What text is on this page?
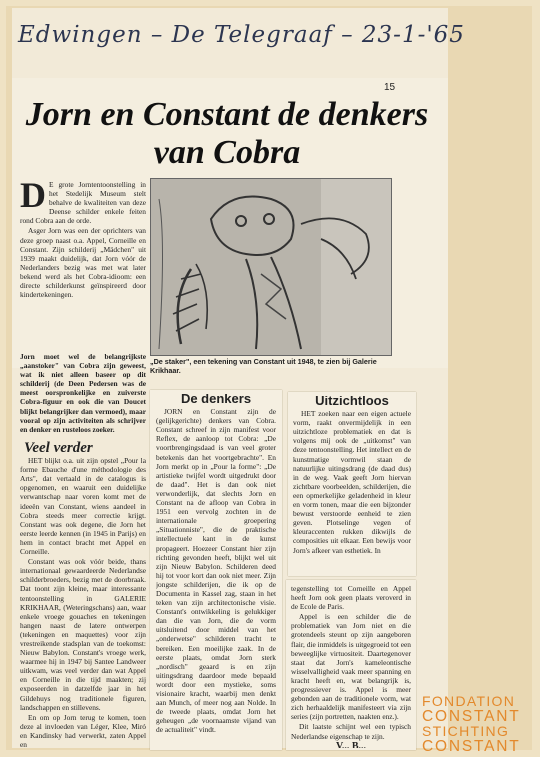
Edwingen – De Telegraaf – 23-1-'65
15
Jorn en Constant de denkers van Cobra
D E grote Jorntentoonstelling in het Stedelijk Museum stelt behalve de kwaliteiten van deze Deense schilder enkele feiten rond Cobra aan de orde.

Asger Jorn was een der oprichters van deze groep naast o.a. Appel, Corneille en Constant. Zijn schilderij „Mädchen" uit 1939 maakt duidelijk, dat Jorn vóór de Nederlanders bezig was met wat later bekend werd als het Cobra-idioom: een directe schilderkunst geïnspireerd door kindertekeningen.

„De staker", een tekening van Constant uit 1948, te zien bij Galerie Krikhaar.

Jorn moet wel de belangrijkste „aanstoker" van Cobra zijn geweest, wat ik niet alleen baseer op dit schilderij (de Deen Pedersen was de meest oorspronkelijke en zuiverste Cobra-figuur en ook die van Doucet blijkt belangrijker dan vermoed), maar vooral op zijn activiteiten als schrijver en denker en rusteloos zoeker.

Veel verder

HET blijkt o.a. uit zijn opstel „Pour la forme Ebauche d'une méthodologie des Arts", dat vertaald in de catalogus is opgenomen, en waaruit een duidelijke verwantschap naar voren komt met de ideeën van Constant, wiens aandeel in Cobra steeds meer correctie krijgt. Constant was ook degene, die Jorn het eerste leerde kennen (in 1945 in Parijs) en hem in contact bracht met Appel en Corneille.

Constant was ook vóór beide, thans internationaal gewaardeerde Nederlandse schilderbroeders, bezig met de doorbraak. Dat toont zijn kleine, maar interessante tentoonstelling in GALERIE KRIKHAAR, (Weteringschans) aan, waar enkele vroege gouaches en tekeningen hangen naast de latere ontwerpen (tekeningen en maquettes) voor zijn vrestreikende stadsplan van de toekomst: Nieuw Babylon. Constant's vroege werk, waarmee hij in 1947 bij Santee Landweer uitkwam, was veel verder dan wat Appel en Corneille in die tijd maakten; zij exposeerden in datzelfde jaar in het Gildehuys nog traditionele figuren, landschappen en stillevens.

En om op Jorn terug te komen, toen deze al invloeden van Léger, Klee, Miró en Kandinsky had verwerkt, zaten Appel en

De denkers

JORN en Constant zijn de (gelijkgerichte) denkers van Cobra. Constant schreef in zijn manifest voor Reflex, de aanloop tot Cobra: „De voortbrengingsdaad is van veel groter betekenis dan het voortgebrachte". En Jorn merkt op in „Pour la forme": „De artistieke twijfel wordt uitgedrukt door de daad". Het is dan ook niet verwonderlijk, dat slechts Jorn en Constant na de afloop van Cobra in 1951 een vervolg zochten in de internationale groepering „Situationniste", die de praktische intellectuele kant in de kunst propageert. Hoezeer Constant hier zijn richting gevonden heeft, blijkt wel uit zijn Nieuw Babylon. Schilderen deed hij tot voor kort dan ook niet meer. Zijn jongste schilderijen, die ik op de Documenta in Kassel zag, staan in het teken van zijn architectonische visie. Constant's ontwikkeling is gelukkiger dan die van Jorn, die de vorm uitsluitend door middel van het „onderwetse" schilderen tracht te bereiken. Een moeilijke zaak. In de eerste plaats, omdat Jorn sterk „nordisch" geaard is en zijn uitingsdrang daardoor mede bepaald wordt door een mystieke, soms visionaire kracht, waarbij men denkt aan Munch, of meer nog aan Nolde. In de tweede plaats, omdat Jorn het geheugen „de voornaamste vijand van de actualiteit" vindt.

Uitzichtloos

HET zoeken naar een eigen actuele vorm, raakt onvermijdelijk in een uitzichtloze problematiek en dat is volgens mij ook de „uitkomst" van deze tentoonstelling. Het intellect en de kunstmatige vormwil staan de natuurlijke uitingsdrang (de daad dus) in de weg. Vaak geeft Jorn hiervan zichtbare voorbeelden, schilderijen, die een opmerkelijke geladenheid in kleur en vorm tonen, maar die een bijzonder bewust verstoorde eenheid te zien geven. Plotselinge vegen of kleuraccenten rukken dikwijls de composities uit elkaar. Een bewijs voor Jorn's afkeer van esthetiek. In

tegenstelling tot Corneille en Appel heeft Jorn ook geen plaats veroverd in de Ecole de Paris.

Appel is een schilder die de problematiek van Jorn niet en die grotendeels steunt op zijn aangeboren flair, die inmiddels is uitgegroeid tot een beweeglijke virtuositeit. Daartegenover staat dat Jorn's kameleontische wisselvalligheid vaak meer spanning en kracht heeft en, wat belangrijk is, progressiever is. Appel is meer gebonden aan de traditionele vorm, wat zich herhaaldelijk manifesteert via zijn series (zijn portretten, naakten enz.).

Dit laatste schijnt wel een typisch Nederlandse eigenschap te zijn.

V... B...

FONDATION
CONSTANT
STICHTING
CONSTANT
